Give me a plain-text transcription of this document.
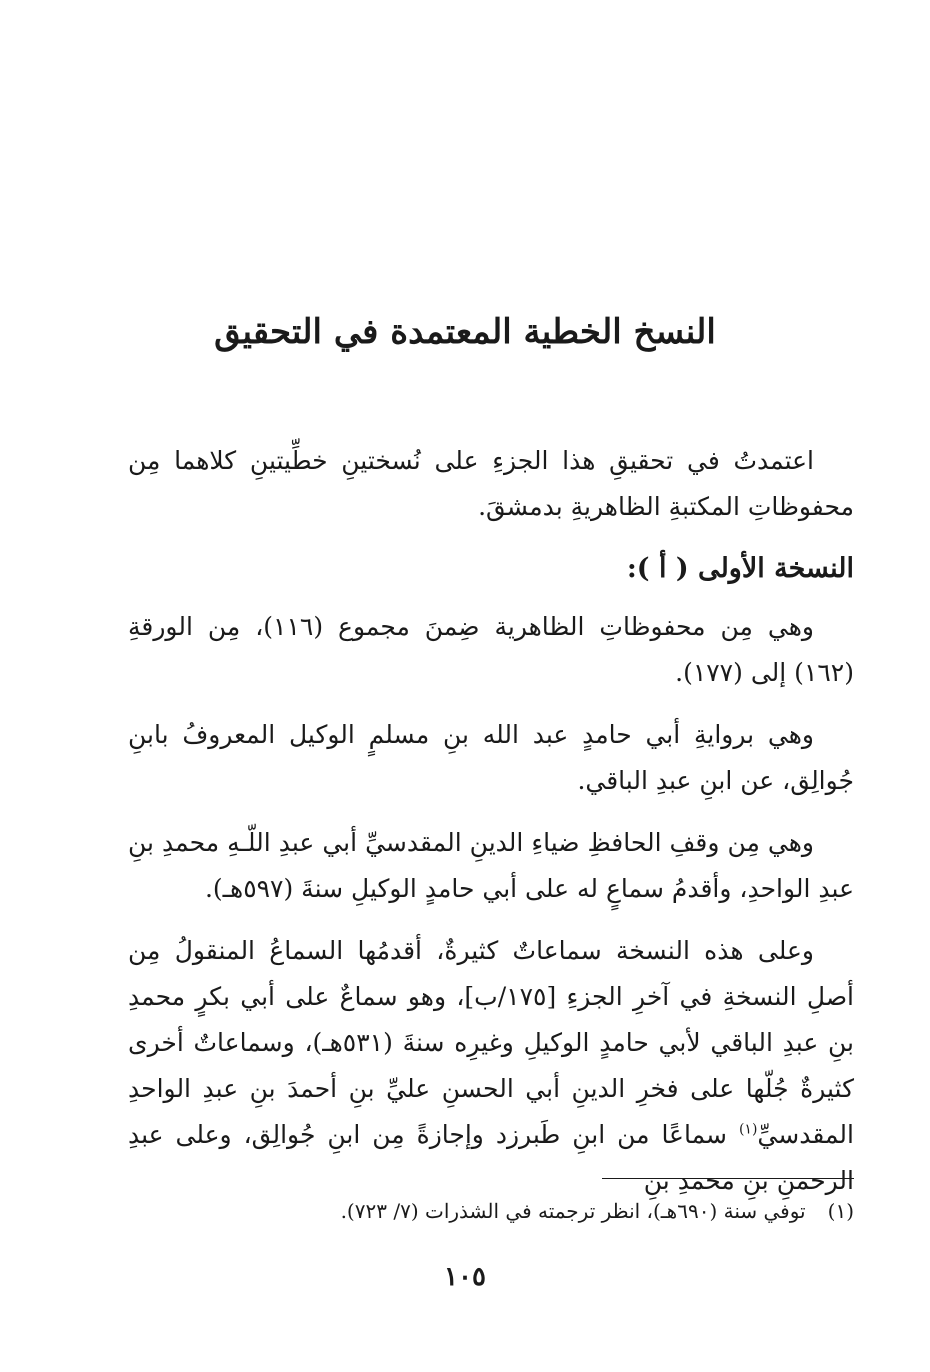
النسخ الخطية المعتمدة في التحقيق

اعتمدتُ في تحقيقِ هذا الجزءِ على نُسختينِ خطِّيتينِ كلاهما مِن محفوظاتِ المكتبةِ الظاهريةِ بدمشقَ.

النسخة الأولى ( أ ):

وهي مِن محفوظاتِ الظاهرية ضِمنَ مجموع (١١٦)، مِن الورقةِ (١٦٢) إلى (١٧٧).

وهي بروايةِ أبي حامدٍ عبد الله بنِ مسلمٍ الوكيل المعروفُ بابنِ جُوالِق، عن ابنِ عبدِ الباقي.

وهي مِن وقفِ الحافظِ ضياءِ الدينِ المقدسيِّ أبي عبدِ اللّـهِ محمدِ بنِ عبدِ الواحدِ، وأقدمُ سماعٍ له على أبي حامدٍ الوكيلِ سنةَ (٥٩٧هـ).

وعلى هذه النسخة سماعاتٌ كثيرةٌ، أقدمُها السماعُ المنقولُ مِن أصلِ النسخةِ في آخرِ الجزءِ [١٧٥/ب]، وهو سماعٌ على أبي بكرٍ محمدِ بنِ عبدِ الباقي لأبي حامدٍ الوكيلِ وغيرِه سنةَ (٥٣١هـ)، وسماعاتٌ أخرى كثيرةٌ جُلّها على فخرِ الدينِ أبي الحسنِ عليِّ بنِ أحمدَ بنِ عبدِ الواحدِ المقدسيِّ$^{(١)}$ سماعًا من ابنِ طَبرزد وإجازةً مِن ابنِ جُوالِق، وعلى عبدِ الرحمنِ بنِ محمدِ بنِ

(١)توفي سنة (٦٩٠هـ)، انظر ترجمته في الشذرات (٧/ ٧٢٣).
١٠٥
